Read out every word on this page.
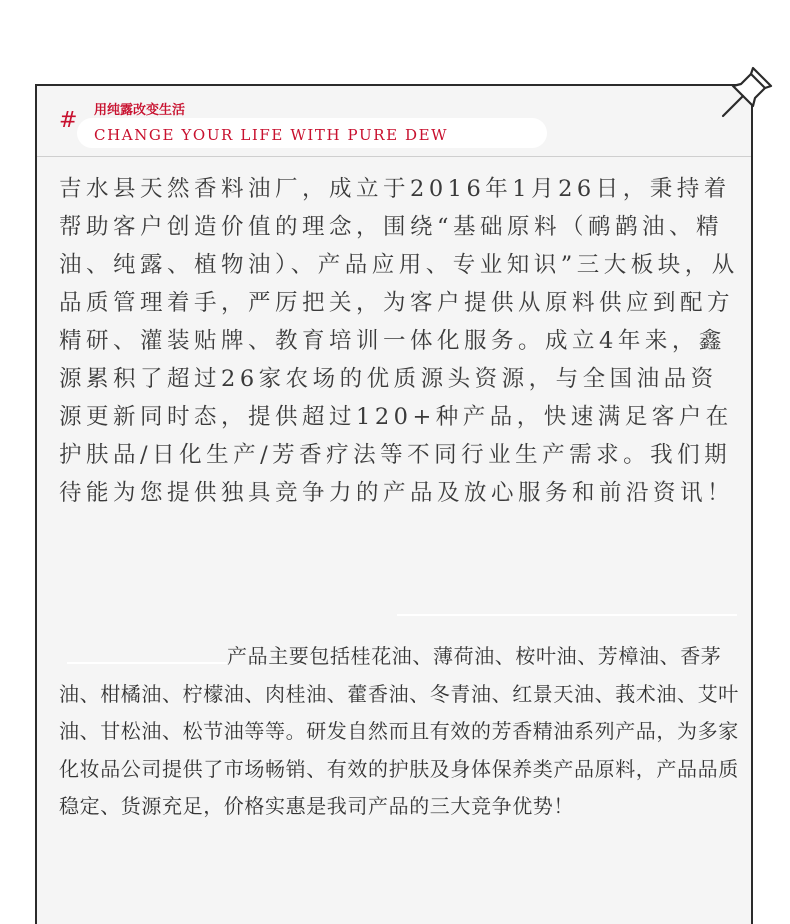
# 用纯露改变生活
CHANGE YOUR LIFE WITH PURE DEW

吉水县天然香料油厂，成立于2016年1月26日，秉持着帮助客户创造价值的理念，围绕“基础原料（鸸鹋油、精油、纯露、植物油）、产品应用、专业知识”三大板块，从品质管理着手，严厉把关，为客户提供从原料供应到配方精研、灌装贴牌、教育培训一体化服务。成立4年来，鑫源累积了超过26家农场的优质源头资源，与全国油品资源更新同时态，提供超过120+种产品，快速满足客户在护肤品/日化生产/芳香疗法等不同行业生产需求。我们期待能为您提供独具竞争力的产品及放心服务和前沿资讯！

产品主要包括桂花油、薄荷油、桉叶油、芳樟油、香茅油、柑橘油、柠檬油、肉桂油、藿香油、冬青油、红景天油、莪术油、艾叶油、甘松油、松节油等等。研发自然而且有效的芳香精油系列产品，为多家化妆品公司提供了市场畅销、有效的护肤及身体保养类产品原料，产品品质稳定、货源充足，价格实惠是我司产品的三大竞争优势！
